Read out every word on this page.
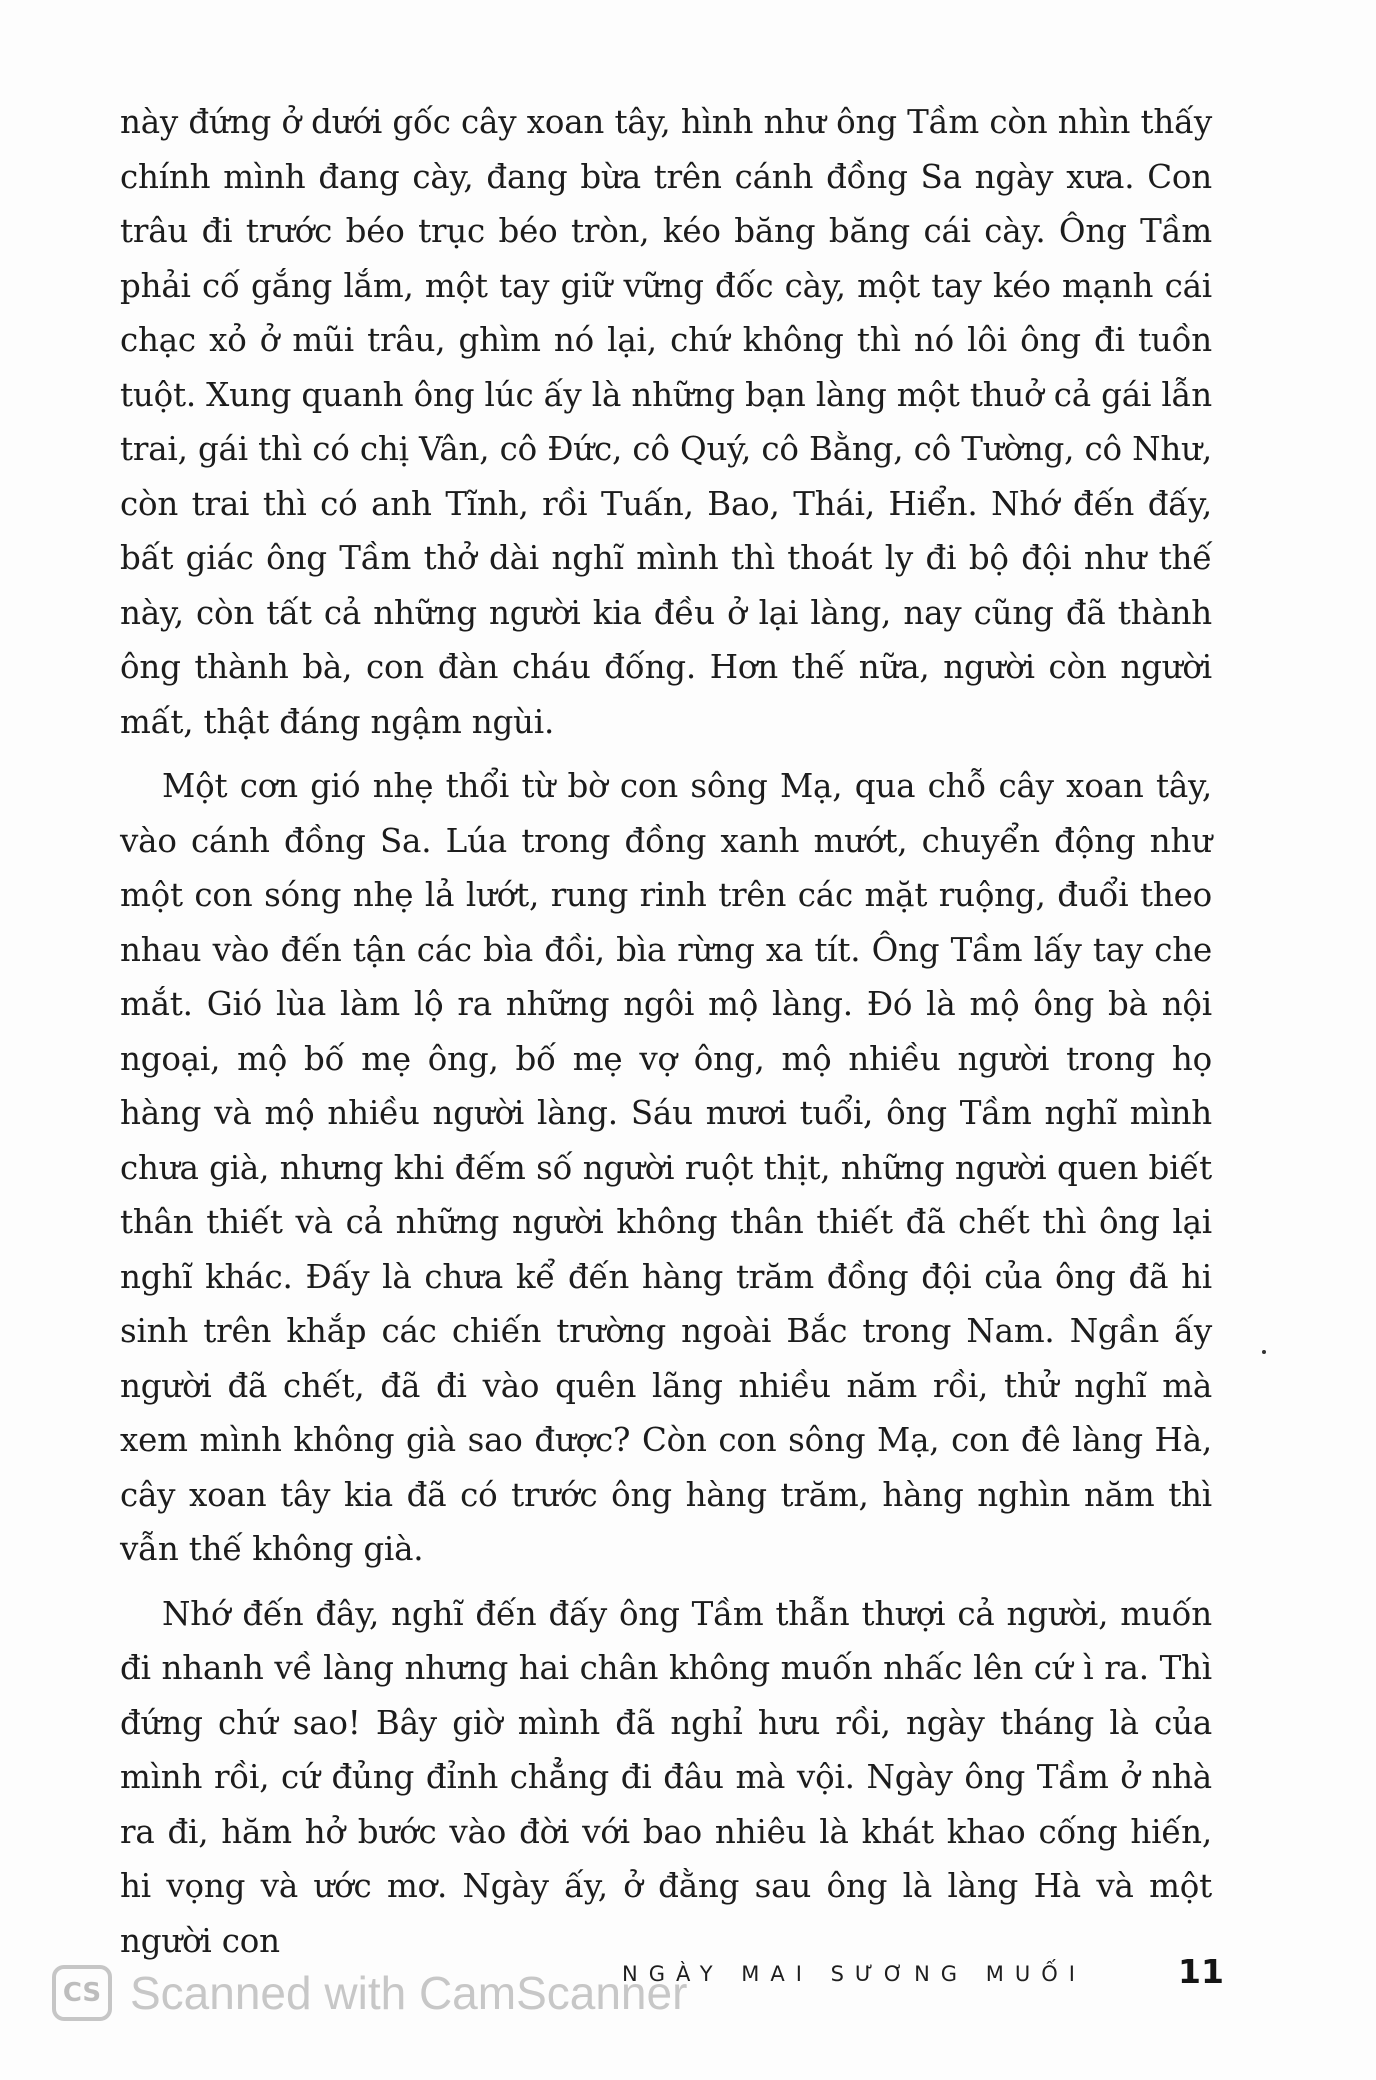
này đứng ở dưới gốc cây xoan tây, hình như ông Tầm còn nhìn thấy chính mình đang cày, đang bừa trên cánh đồng Sa ngày xưa. Con trâu đi trước béo trục béo tròn, kéo băng băng cái cày. Ông Tầm phải cố gắng lắm, một tay giữ vững đốc cày, một tay kéo mạnh cái chạc xỏ ở mũi trâu, ghìm nó lại, chứ không thì nó lôi ông đi tuồn tuột. Xung quanh ông lúc ấy là những bạn làng một thuở cả gái lẫn trai, gái thì có chị Vân, cô Đức, cô Quý, cô Bằng, cô Tường, cô Như, còn trai thì có anh Tĩnh, rồi Tuấn, Bao, Thái, Hiển. Nhớ đến đấy, bất giác ông Tầm thở dài nghĩ mình thì thoát ly đi bộ đội như thế này, còn tất cả những người kia đều ở lại làng, nay cũng đã thành ông thành bà, con đàn cháu đống. Hơn thế nữa, người còn người mất, thật đáng ngậm ngùi.

Một cơn gió nhẹ thổi từ bờ con sông Mạ, qua chỗ cây xoan tây, vào cánh đồng Sa. Lúa trong đồng xanh mướt, chuyển động như một con sóng nhẹ lả lướt, rung rinh trên các mặt ruộng, đuổi theo nhau vào đến tận các bìa đồi, bìa rừng xa tít. Ông Tầm lấy tay che mắt. Gió lùa làm lộ ra những ngôi mộ làng. Đó là mộ ông bà nội ngoại, mộ bố mẹ ông, bố mẹ vợ ông, mộ nhiều người trong họ hàng và mộ nhiều người làng. Sáu mươi tuổi, ông Tầm nghĩ mình chưa già, nhưng khi đếm số người ruột thịt, những người quen biết thân thiết và cả những người không thân thiết đã chết thì ông lại nghĩ khác. Đấy là chưa kể đến hàng trăm đồng đội của ông đã hi sinh trên khắp các chiến trường ngoài Bắc trong Nam. Ngần ấy người đã chết, đã đi vào quên lãng nhiều năm rồi, thử nghĩ mà xem mình không già sao được? Còn con sông Mạ, con đê làng Hà, cây xoan tây kia đã có trước ông hàng trăm, hàng nghìn năm thì vẫn thế không già.

Nhớ đến đây, nghĩ đến đấy ông Tầm thẫn thượi cả người, muốn đi nhanh về làng nhưng hai chân không muốn nhấc lên cứ ì ra. Thì đứng chứ sao! Bây giờ mình đã nghỉ hưu rồi, ngày tháng là của mình rồi, cứ đủng đỉnh chẳng đi đâu mà vội. Ngày ông Tầm ở nhà ra đi, hăm hở bước vào đời với bao nhiêu là khát khao cống hiến, hi vọng và ước mơ. Ngày ấy, ở đằng sau ông là làng Hà và một người con

NGÀY MAI SƯƠNG MUỐI	11
CS Scanned with CamScanner
